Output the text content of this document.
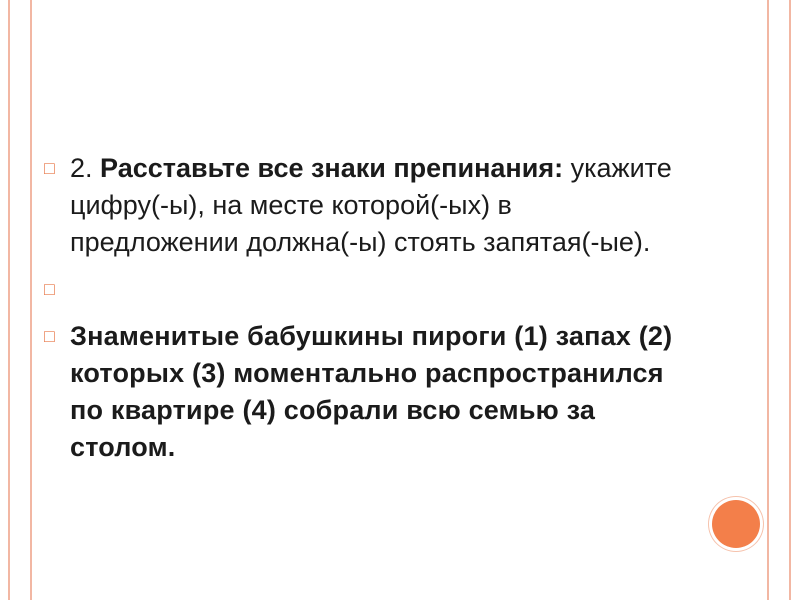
□ 2. Расставьте все знаки препинания: укажите цифру(-ы), на месте которой(-ых) в предложении должна(-ы) стоять запятая(-ые).
□
□ Знаменитые бабушкины пироги (1) запах (2) которых (3) моментально распространился по квартире (4) собрали всю семью за столом.
